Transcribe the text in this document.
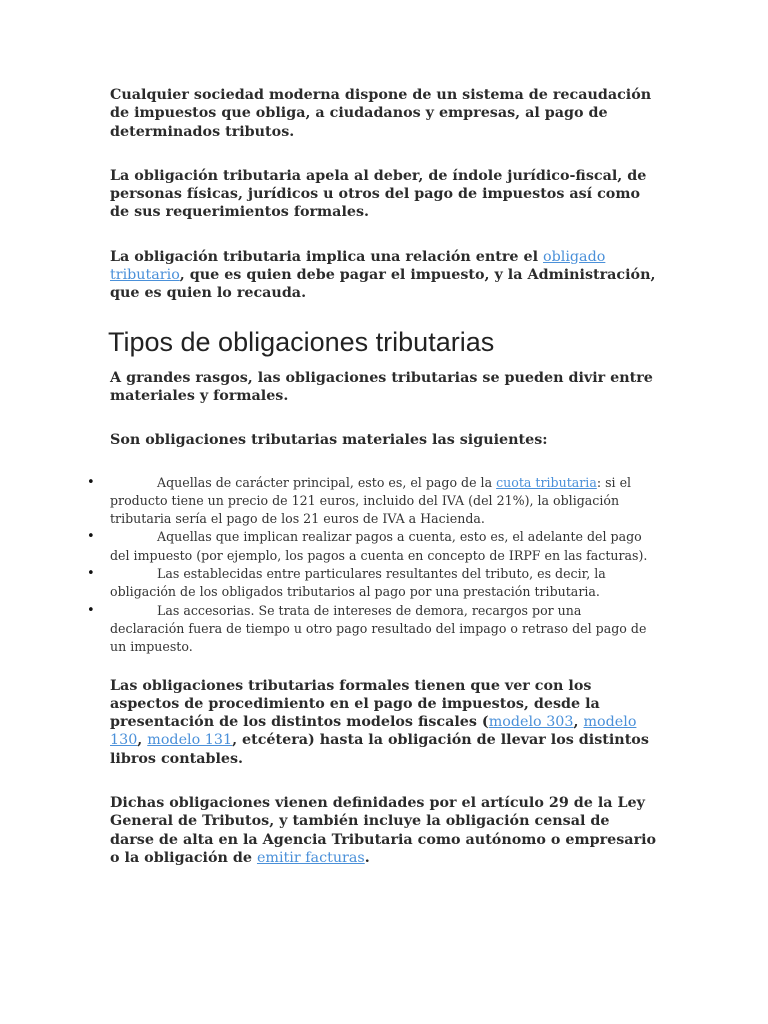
Cualquier sociedad moderna dispone de un sistema de recaudación de impuestos que obliga, a ciudadanos y empresas, al pago de determinados tributos.

La obligación tributaria apela al deber, de índole jurídico-fiscal, de personas físicas, jurídicos u otros del pago de impuestos así como de sus requerimientos formales.

La obligación tributaria implica una relación entre el obligado tributario, que es quien debe pagar el impuesto, y la Administración, que es quien lo recauda.

Tipos de obligaciones tributarias

A grandes rasgos, las obligaciones tributarias se pueden divir entre materiales y formales.

Son obligaciones tributarias materiales las siguientes:

•	Aquellas de carácter principal, esto es, el pago de la cuota tributaria: si el producto tiene un precio de 121 euros, incluido del IVA (del 21%), la obligación tributaria sería el pago de los 21 euros de IVA a Hacienda.
•	Aquellas que implican realizar pagos a cuenta, esto es, el adelante del pago del impuesto (por ejemplo, los pagos a cuenta en concepto de IRPF en las facturas).
•	Las establecidas entre particulares resultantes del tributo, es decir, la obligación de los obligados tributarios al pago por una prestación tributaria.
•	Las accesorias. Se trata de intereses de demora, recargos por una declaración fuera de tiempo u otro pago resultado del impago o retraso del pago de un impuesto.

Las obligaciones tributarias formales tienen que ver con los aspectos de procedimiento en el pago de impuestos, desde la presentación de los distintos modelos fiscales (modelo 303, modelo 130, modelo 131, etcétera) hasta la obligación de llevar los distintos libros contables.

Dichas obligaciones vienen definidades por el artículo 29 de la Ley General de Tributos, y también incluye la obligación censal de darse de alta en la Agencia Tributaria como autónomo o empresario o la obligación de emitir facturas.
